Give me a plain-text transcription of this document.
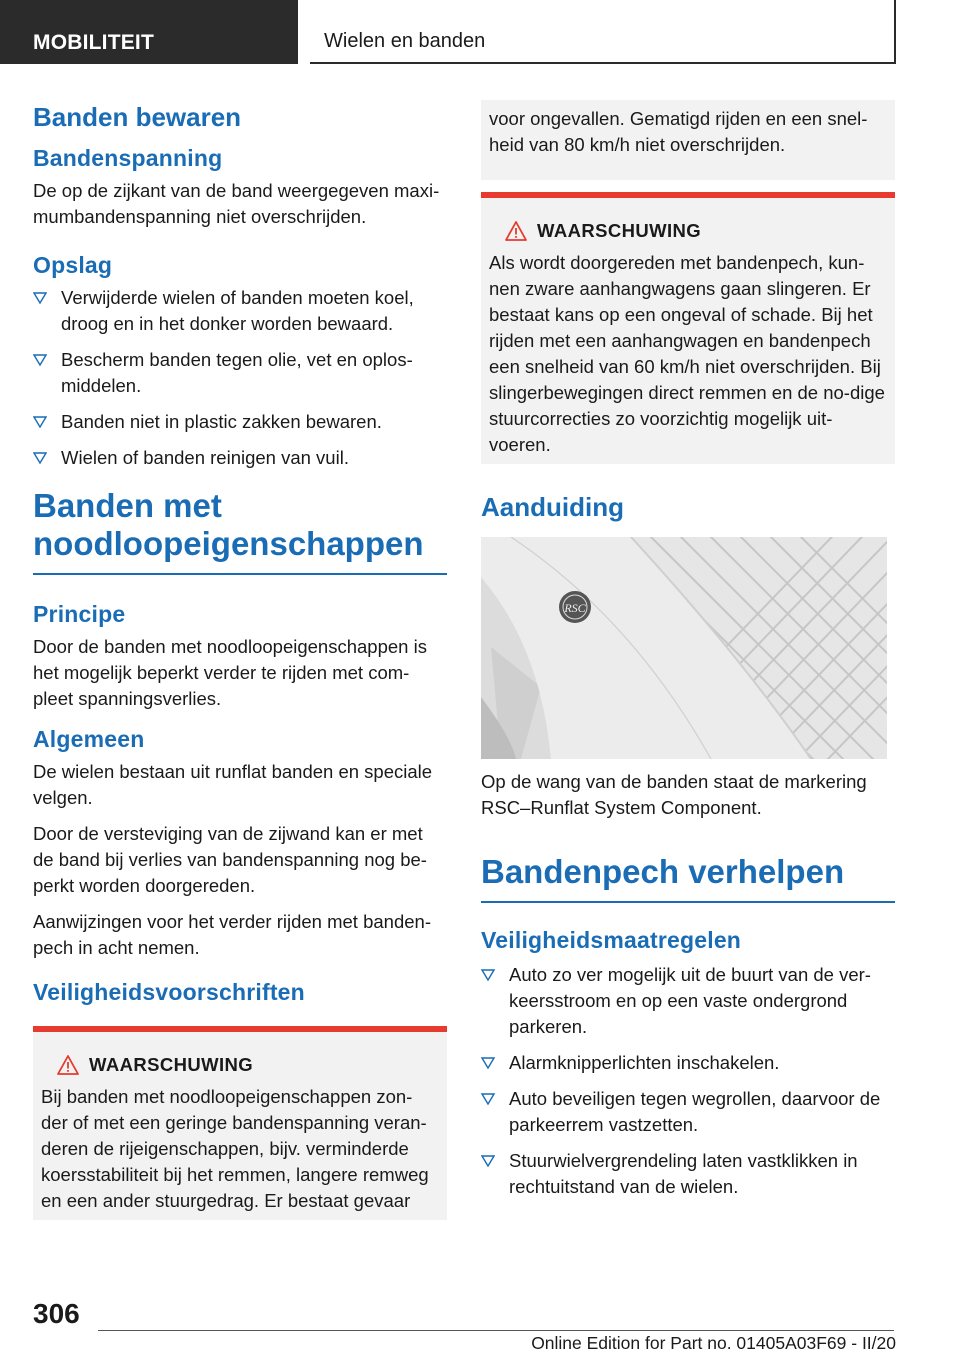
MOBILITEIT	Wielen en banden
Banden bewaren
Bandenspanning

De op de zijkant van de band weergegeven maxi-mumbandenspanning niet overschrijden.

Opslag
Verwijderde wielen of banden moeten koel, droog en in het donker worden bewaard.
Bescherm banden tegen olie, vet en oplos-middelen.
Banden niet in plastic zakken bewaren.
Wielen of banden reinigen van vuil.
Banden met
noodloopeigenschappen
Principe

Door de banden met noodloopeigenschappen is het mogelijk beperkt verder te rijden met com-pleet spanningsverlies.

Algemeen

De wielen bestaan uit runflat banden en speciale velgen.

Door de versteviging van de zijwand kan er met de band bij verlies van bandenspanning nog be-perkt worden doorgereden.

Aanwijzingen voor het verder rijden met banden-pech in acht nemen.

Veiligheidsvoorschriften
WAARSCHUWING

Bij banden met noodloopeigenschappen zon-der of met een geringe bandenspanning veran-deren de rijeigenschappen, bijv. verminderde koersstabiliteit bij het remmen, langere remweg en een ander stuurgedrag. Er bestaat gevaar

voor ongevallen. Gematigd rijden en een snel-heid van 80 km/h niet overschrijden.

WAARSCHUWING

Als wordt doorgereden met bandenpech, kun-nen zware aanhangwagens gaan slingeren. Er bestaat kans op een ongeval of schade. Bij het rijden met een aanhangwagen en bandenpech een snelheid van 60 km/h niet overschrijden. Bij slingerbewegingen direct remmen en de no-dige stuurcorrecties zo voorzichtig mogelijk uit-voeren.

Aanduiding
RSC

Op de wang van de banden staat de markering RSC–Runflat System Component.

Bandenpech verhelpen
Veiligheidsmaatregelen
Auto zo ver mogelijk uit de buurt van de ver-keersstroom en op een vaste ondergrond parkeren.
Alarmknipperlichten inschakelen.
Auto beveiligen tegen wegrollen, daarvoor de parkeerrem vastzetten.
Stuurwielvergrendeling laten vastklikken in rechtuitstand van de wielen.
306
Online Edition for Part no. 01405A03F69 - II/20
